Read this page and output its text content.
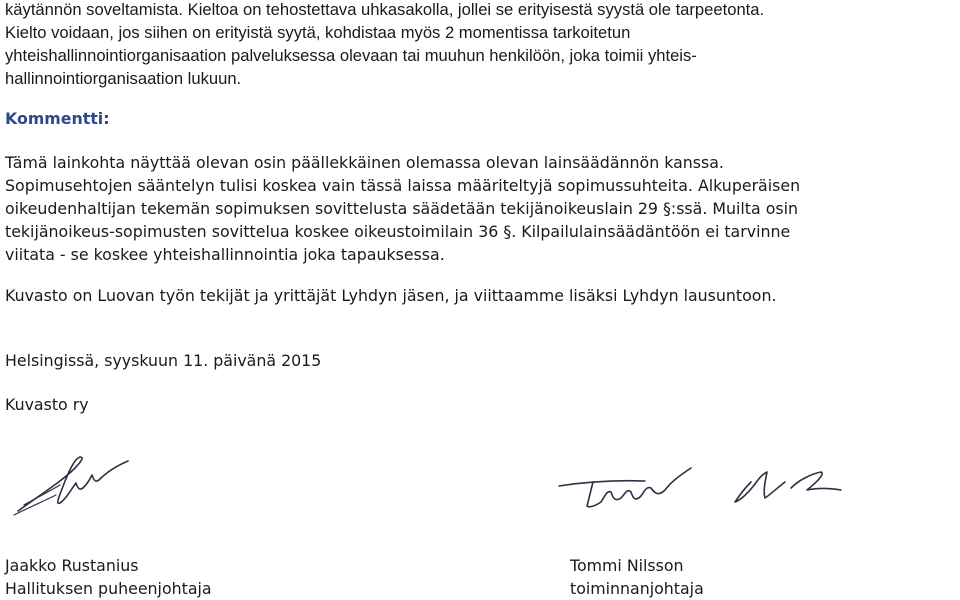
käytännön soveltamista. Kieltoa on tehostettava uhkasakolla, jollei se erityisestä syystä ole tarpeetonta.
Kielto voidaan, jos siihen on erityistä syytä, kohdistaa myös 2 momentissa tarkoitetun
yhteishallinnointiorganisaation palveluksessa olevaan tai muuhun henkilöön, joka toimii yhteis-
hallinnointiorganisaation lukuun.
Kommentti:
Tämä lainkohta näyttää olevan osin päällekkäinen olemassa olevan lainsäädännön kanssa.
Sopimusehtojen sääntelyn tulisi koskea vain tässä laissa määriteltyjä sopimussuhteita. Alkuperäisen
oikeudenhaltijan tekemän sopimuksen sovittelusta säädetään tekijänoikeuslain 29 §:ssä. Muilta osin
tekijänoikeus-sopimusten sovittelua koskee oikeustoimilain 36 §. Kilpailulainsäädäntöön ei tarvinne
viitata - se koskee yhteishallinnointia joka tapauksessa.
Kuvasto on Luovan työn tekijät ja yrittäjät Lyhdyn jäsen, ja viittaamme lisäksi Lyhdyn lausuntoon.
Helsingissä, syyskuun 11. päivänä 2015
Kuvasto ry
Jaakko Rustanius
Hallituksen puheenjohtaja
Tommi Nilsson
toiminnanjohtaja
